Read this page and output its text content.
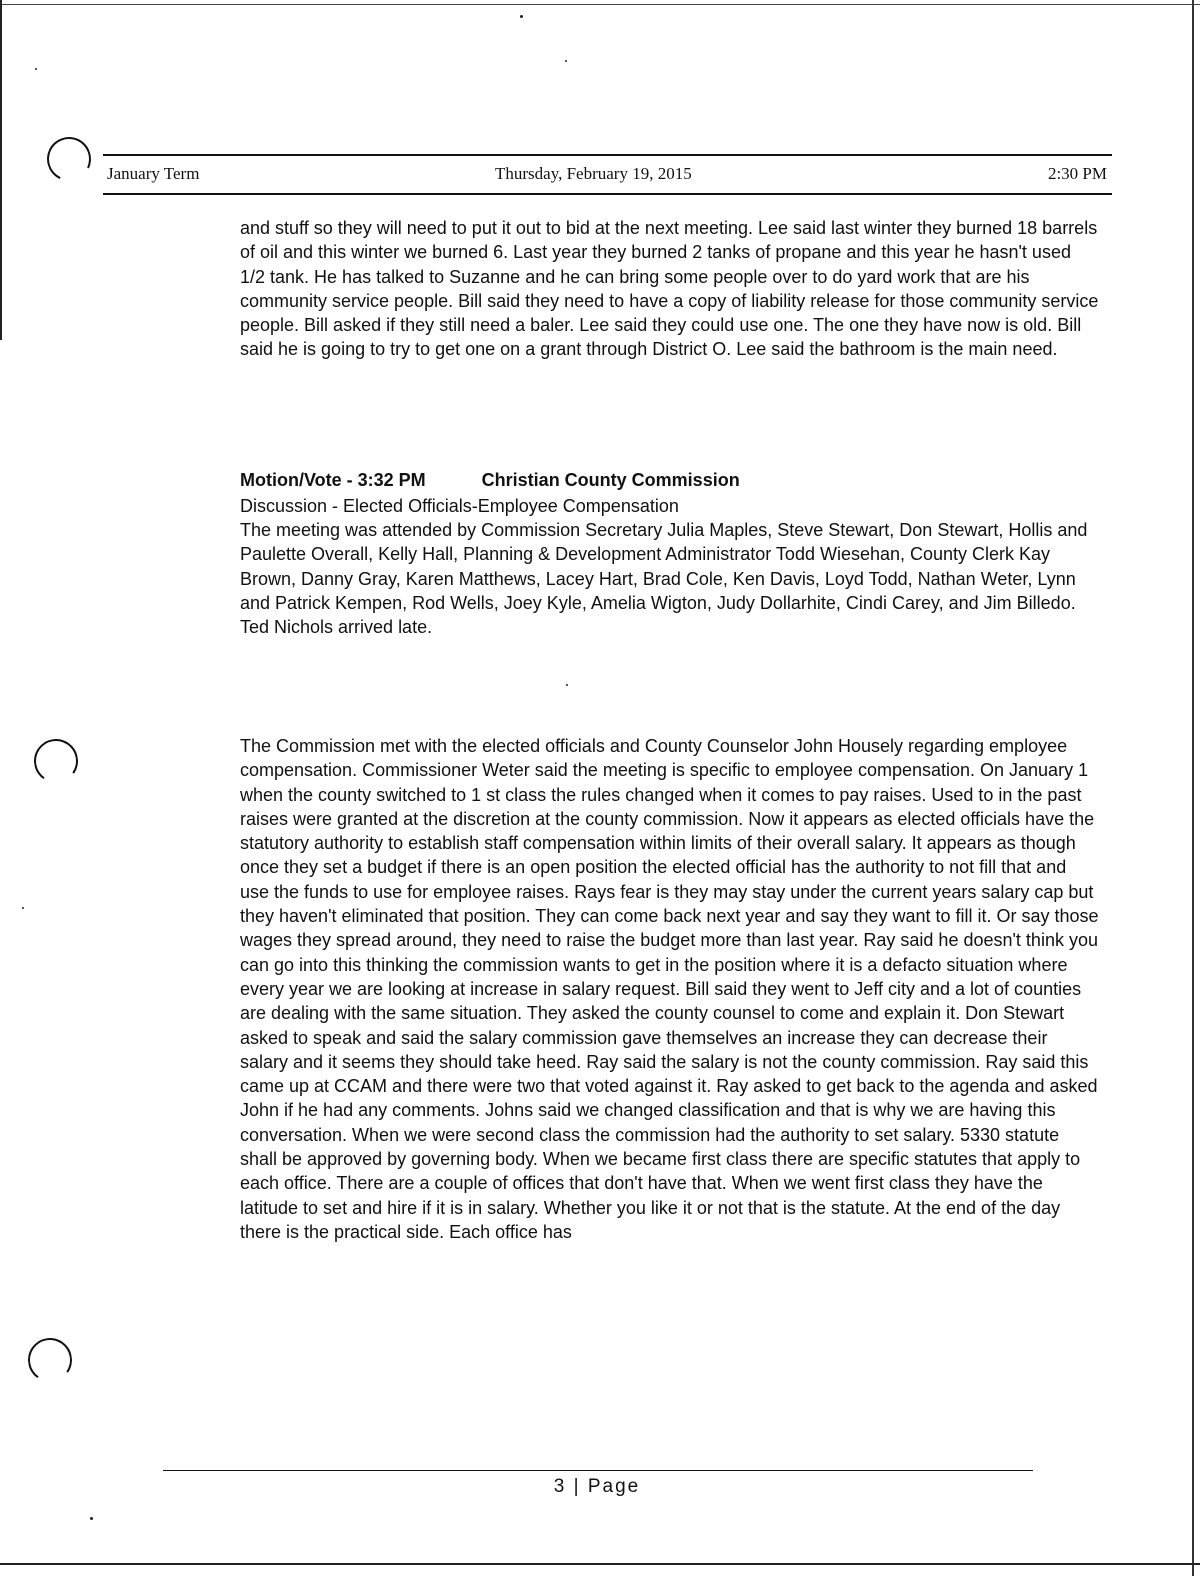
January Term	Thursday, February 19, 2015	2:30 PM
and stuff so they will need to put it out to bid at the next meeting. Lee said last winter they burned 18 barrels of oil and this winter we burned 6. Last year they burned 2 tanks of propane and this year he hasn't used 1/2 tank. He has talked to Suzanne and he can bring some people over to do yard work that are his community service people. Bill said they need to have a copy of liability release for those community service people. Bill asked if they still need a baler. Lee said they could use one. The one they have now is old. Bill said he is going to try to get one on a grant through District O. Lee said the bathroom is the main need.
Motion/Vote - 3:32 PM	Christian County Commission
Discussion - Elected Officials-Employee Compensation
The meeting was attended by Commission Secretary Julia Maples, Steve Stewart, Don Stewart, Hollis and Paulette Overall, Kelly Hall, Planning & Development Administrator Todd Wiesehan, County Clerk Kay Brown, Danny Gray, Karen Matthews, Lacey Hart, Brad Cole, Ken Davis, Loyd Todd, Nathan Weter, Lynn and Patrick Kempen, Rod Wells, Joey Kyle, Amelia Wigton, Judy Dollarhite, Cindi Carey, and Jim Billedo. Ted Nichols arrived late.
The Commission met with the elected officials and County Counselor John Housely regarding employee compensation. Commissioner Weter said the meeting is specific to employee compensation. On January 1 when the county switched to 1 st class the rules changed when it comes to pay raises. Used to in the past raises were granted at the discretion at the county commission. Now it appears as elected officials have the statutory authority to establish staff compensation within limits of their overall salary. It appears as though once they set a budget if there is an open position the elected official has the authority to not fill that and use the funds to use for employee raises. Rays fear is they may stay under the current years salary cap but they haven't eliminated that position. They can come back next year and say they want to fill it. Or say those wages they spread around, they need to raise the budget more than last year. Ray said he doesn't think you can go into this thinking the commission wants to get in the position where it is a defacto situation where every year we are looking at increase in salary request. Bill said they went to Jeff city and a lot of counties are dealing with the same situation. They asked the county counsel to come and explain it. Don Stewart asked to speak and said the salary commission gave themselves an increase they can decrease their salary and it seems they should take heed. Ray said the salary is not the county commission. Ray said this came up at CCAM and there were two that voted against it. Ray asked to get back to the agenda and asked John if he had any comments. Johns said we changed classification and that is why we are having this conversation. When we were second class the commission had the authority to set salary. 5330 statute shall be approved by governing body. When we became first class there are specific statutes that apply to each office. There are a couple of offices that don't have that. When we went first class they have the latitude to set and hire if it is in salary. Whether you like it or not that is the statute. At the end of the day there is the practical side. Each office has
3 | Page
